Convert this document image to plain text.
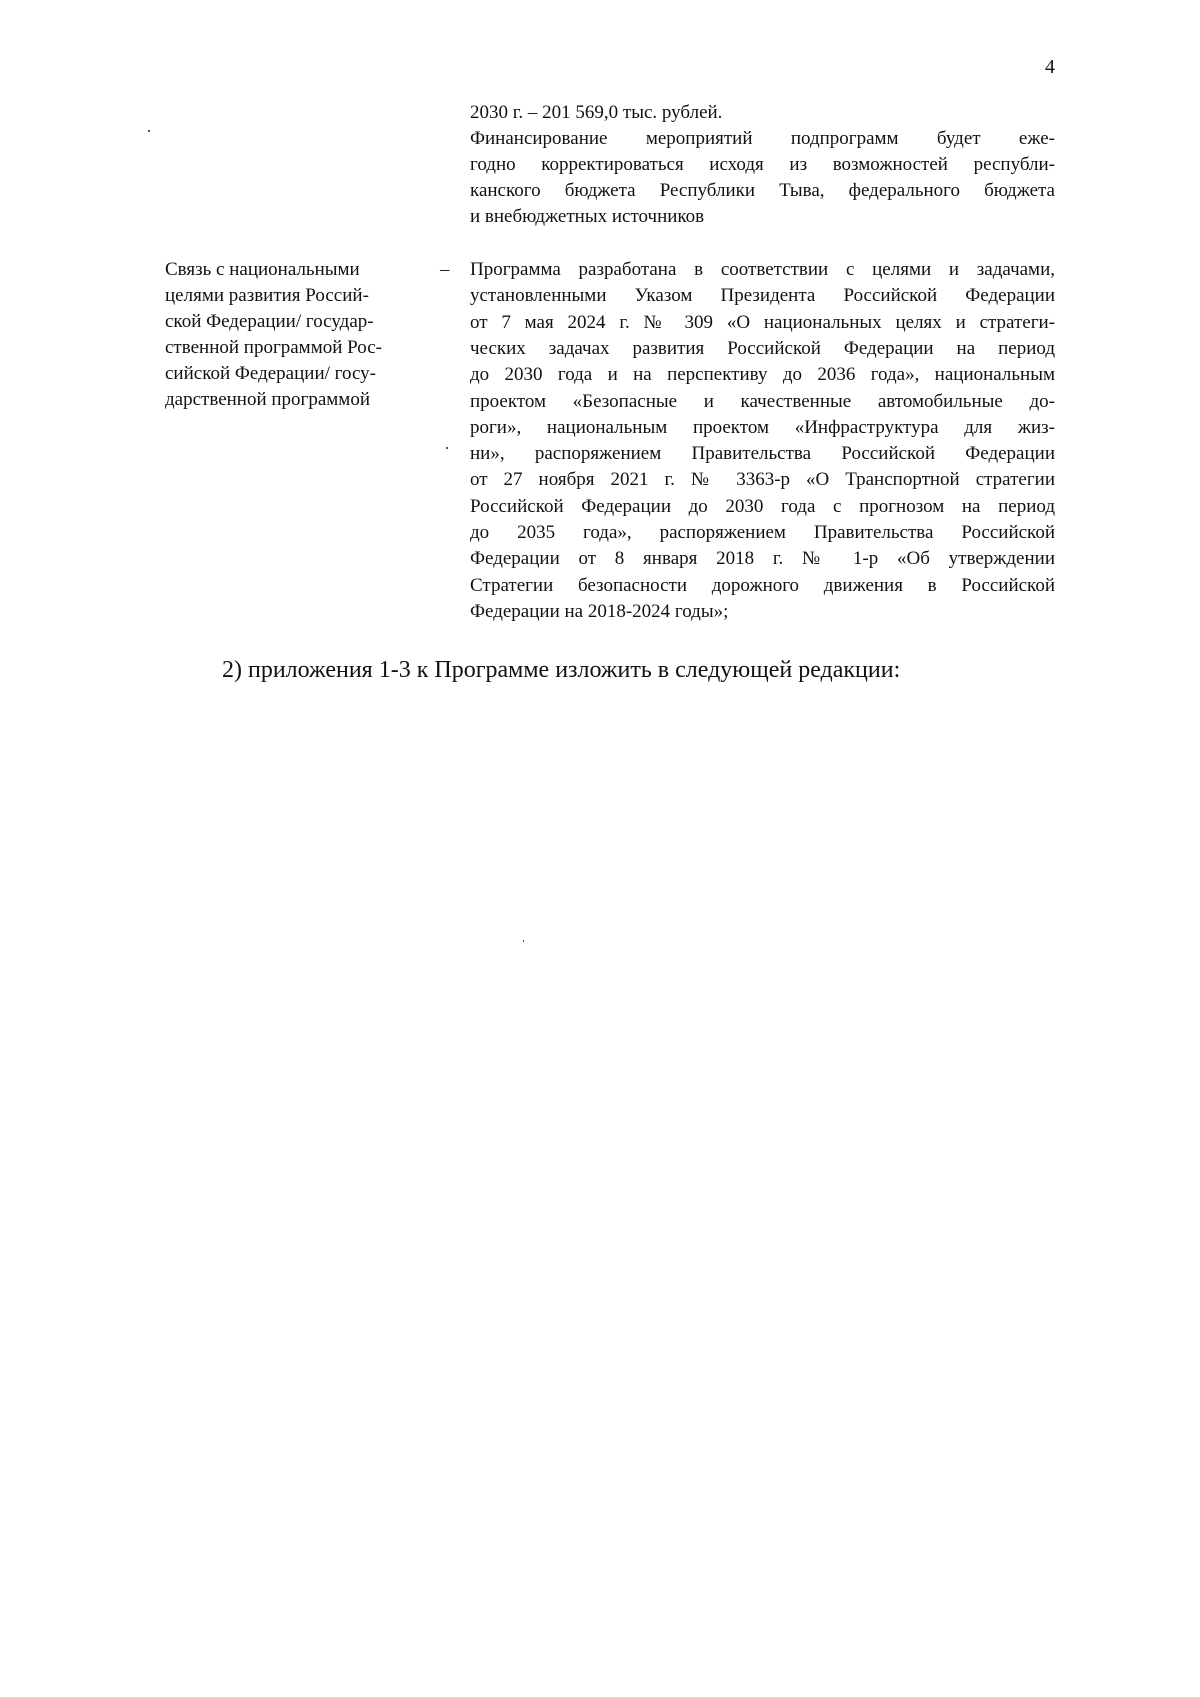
4
2030 г. – 201 569,0 тыс. рублей.
Финансирование мероприятий подпрограмм будет еже-
годно корректироваться исходя из возможностей республи-
канского бюджета Республики Тыва, федерального бюджета
и внебюджетных источников
Связь с национальными
целями развития Россий-
ской Федерации/ государ-
ственной программой Рос-
сийской Федерации/ госу-
дарственной программой
– Программа разработана в соответствии с целями и задачами,
установленными Указом Президента Российской Федерации
от 7 мая 2024 г. № 309 «О национальных целях и стратеги-
ческих задачах развития Российской Федерации на период
до 2030 года и на перспективу до 2036 года», национальным
проектом «Безопасные и качественные автомобильные до-
роги», национальным проектом «Инфраструктура для жиз-
ни», распоряжением Правительства Российской Федерации
от 27 ноября 2021 г. № 3363-р «О Транспортной стратегии
Российской Федерации до 2030 года с прогнозом на период
до 2035 года», распоряжением Правительства Российской
Федерации от 8 января 2018 г. № 1-р «Об утверждении
Стратегии безопасности дорожного движения в Российской
Федерации на 2018-2024 годы»;
2) приложения 1-3 к Программе изложить в следующей редакции:
